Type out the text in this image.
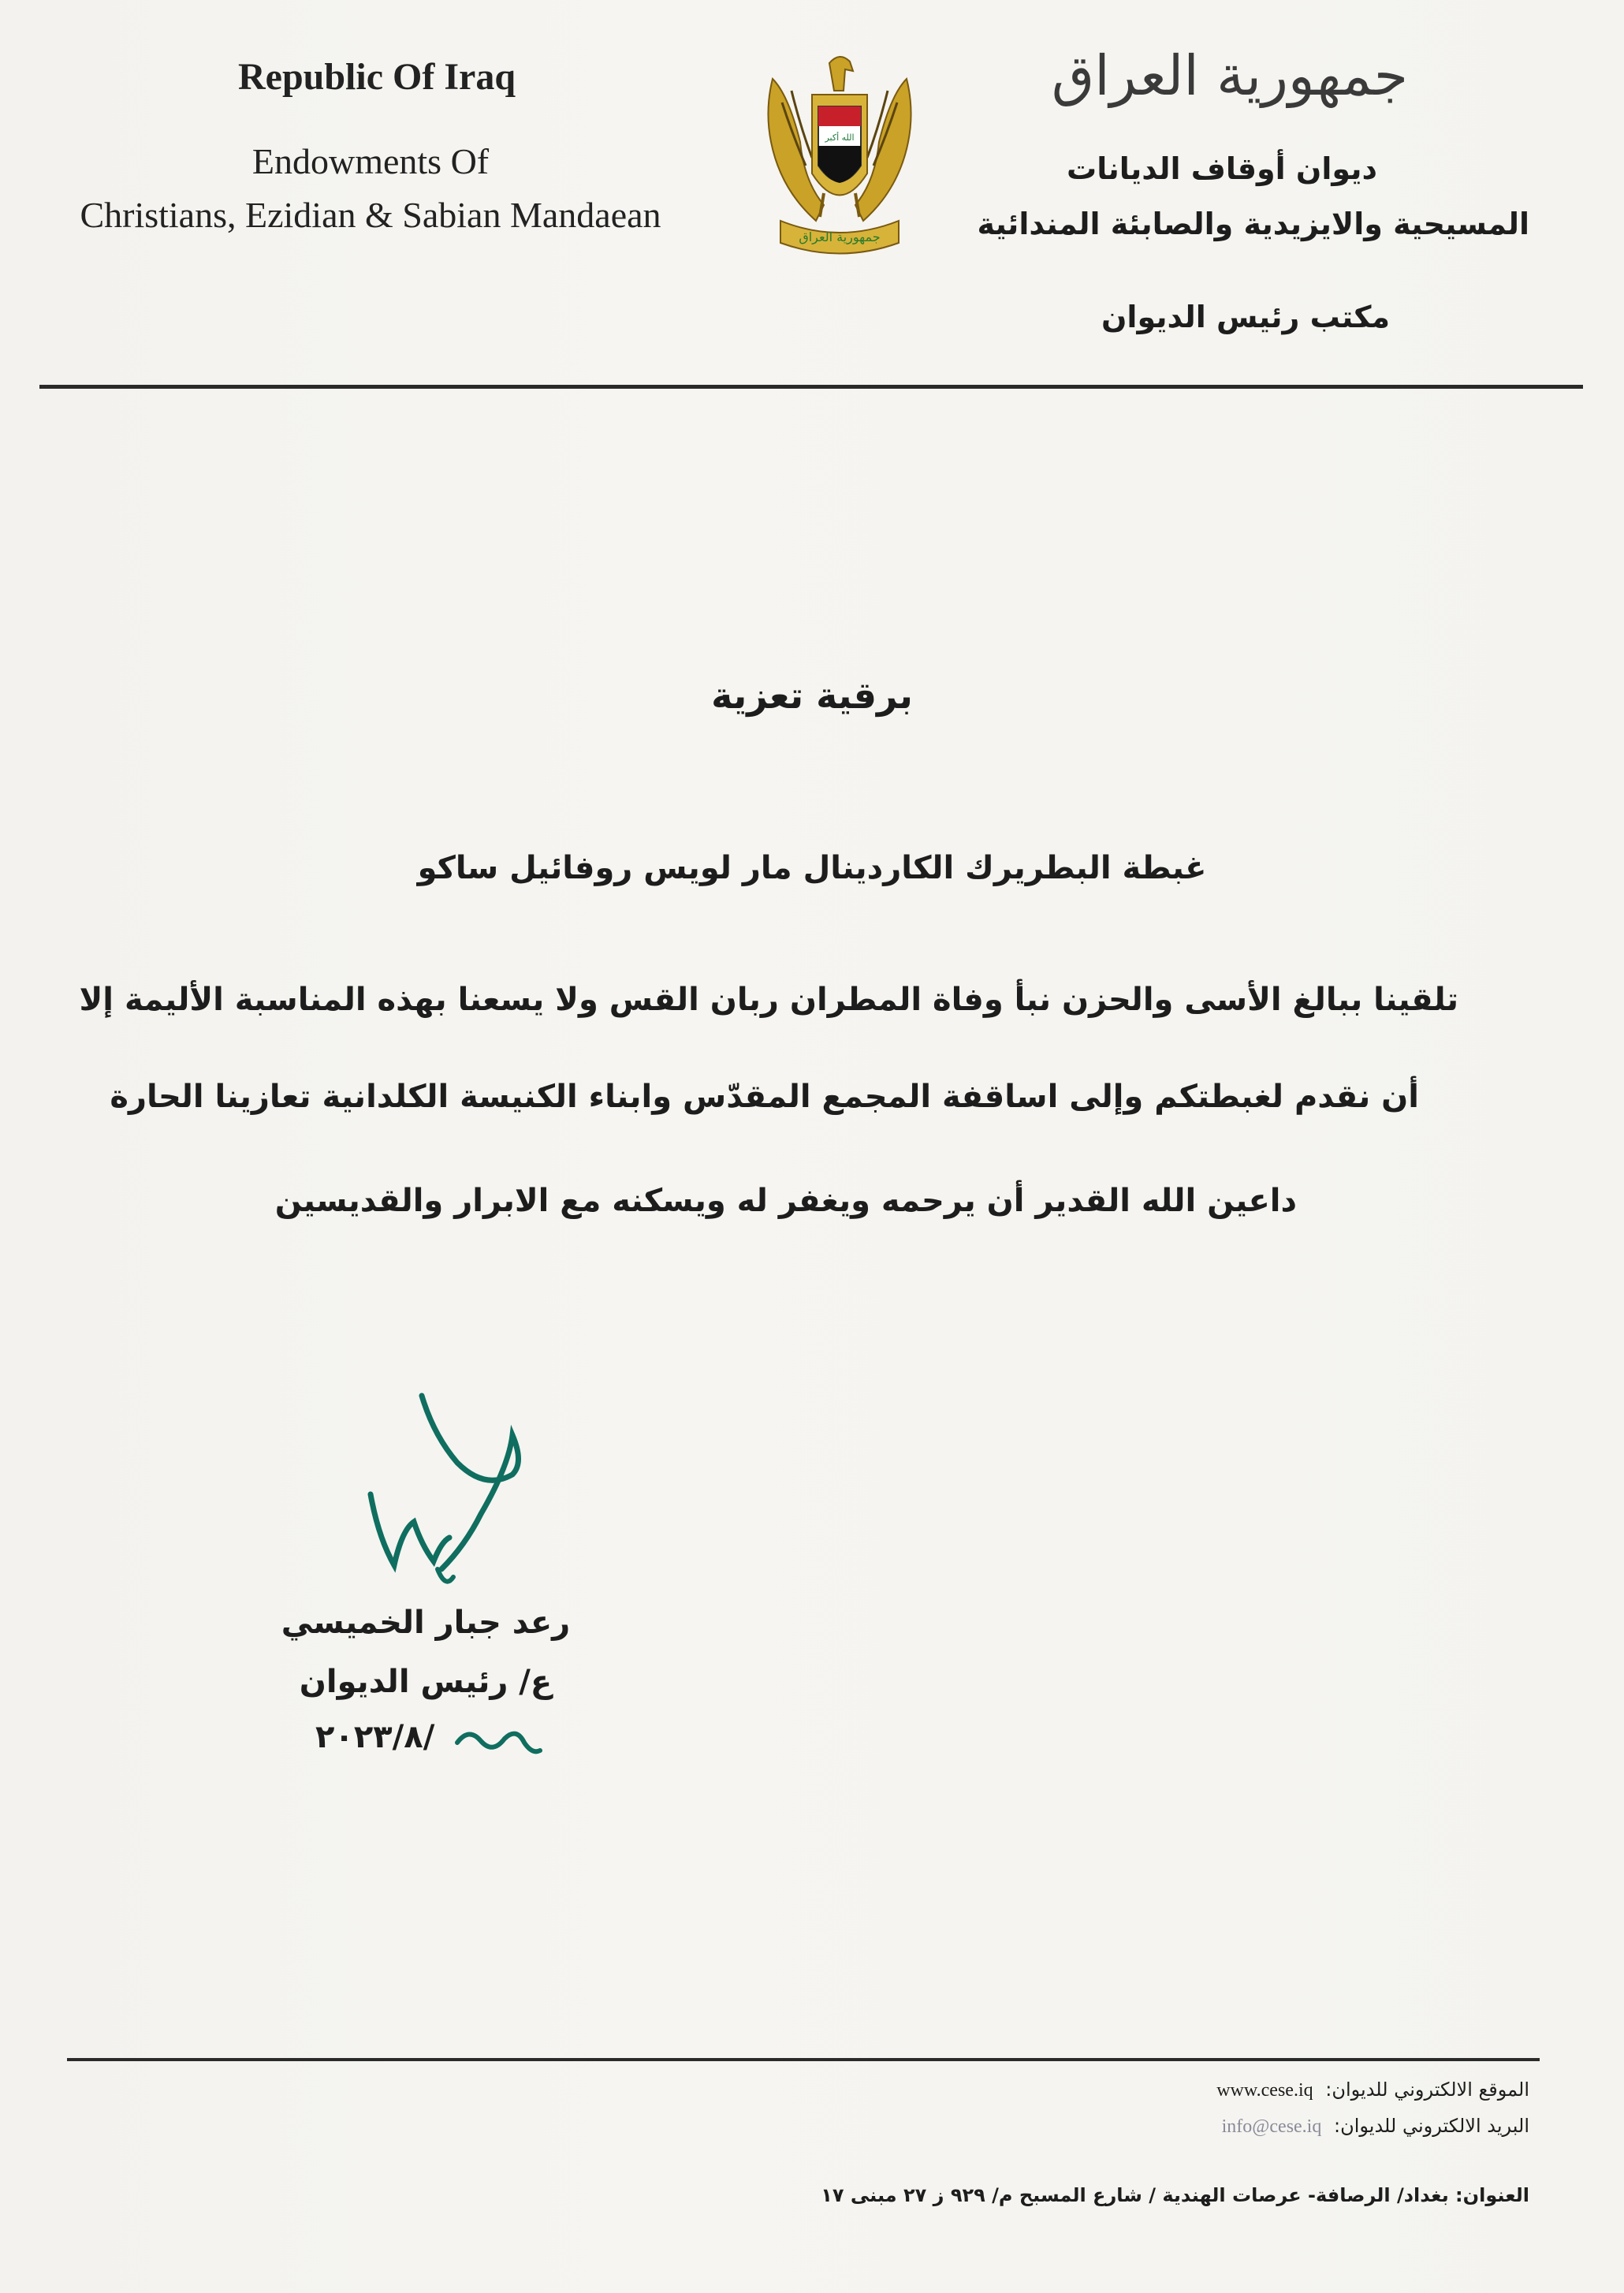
Republic Of Iraq
Endowments Of
Christians, Ezidian & Sabian Mandaean
الله أكبر
جمهورية العراق
جمهورية العراق
ديوان أوقاف الديانات
المسيحية والايزيدية والصابئة المندائية
مكتب رئيس الديوان
برقية تعزية
غبطة البطريرك الكاردينال مار لويس روفائيل ساكو
تلقينا ببالغ الأسى والحزن نبأ وفاة المطران ربان القس ولا يسعنا بهذه المناسبة الأليمة إلا
أن نقدم لغبطتكم وإلى اساقفة المجمع المقدّس وابناء الكنيسة الكلدانية تعازينا الحارة
داعين الله القدير أن يرحمه ويغفر له ويسكنه مع الابرار والقديسين
رعد جبار الخميسي
ع/ رئيس الديوان
٢٠٢٣/٨/
الموقع الالكتروني للديوان: www.cese.iq
البريد الالكتروني للديوان: info@cese.iq
العنوان: بغداد/ الرصافة- عرصات الهندية / شارع المسبح م/ ٩٢٩ ز ٢٧ مبنى ١٧
